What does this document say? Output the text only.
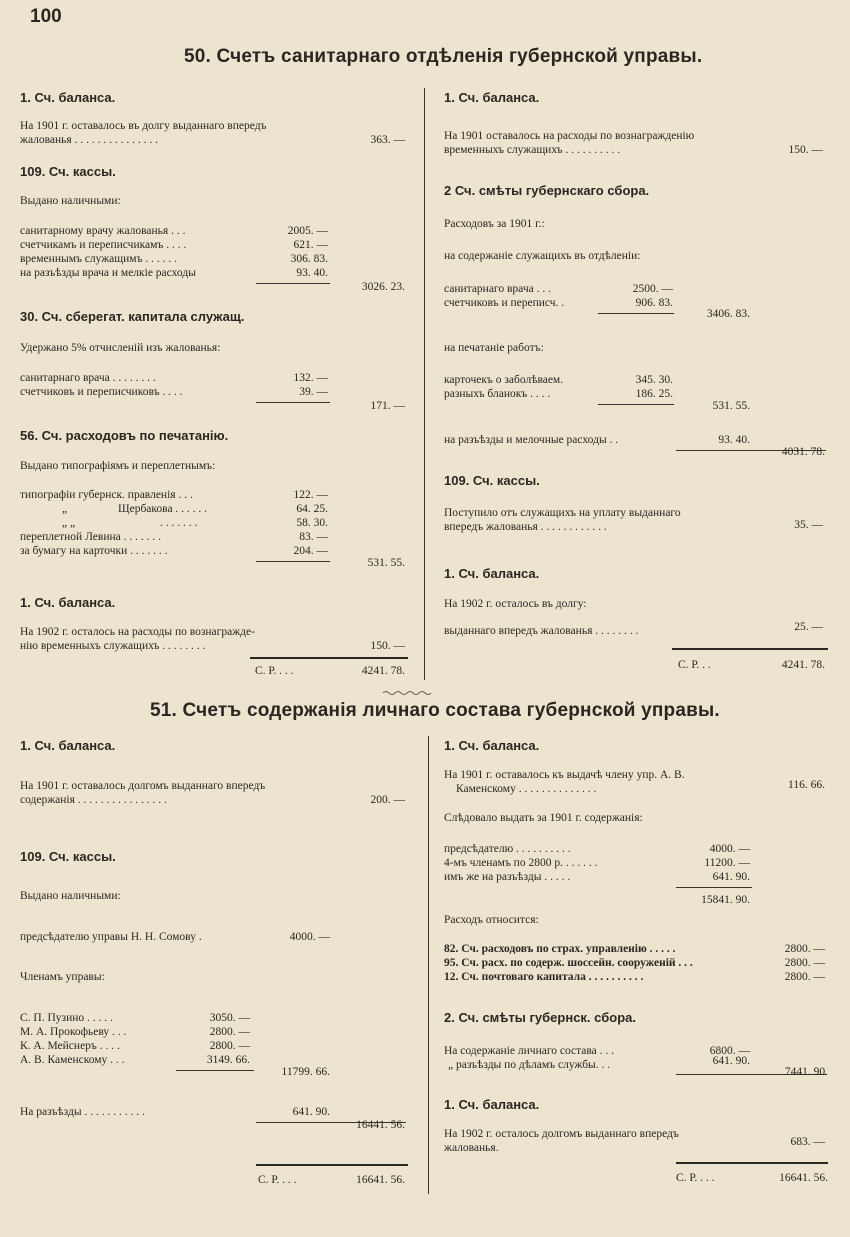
100
50. Счетъ санитарнаго отдѣленія губернской управы.
1. Сч. баланса.
На 1901 г. оставалось въ долгу выданнаго впередъ
жалованья . . . . . . . . . . . . . . .	363. —
109. Сч. кассы.
Выдано наличными:
санитарному врачу жалованья . . .	2005. —
счетчикамъ и переписчикамъ . . . .	621. —
временнымъ служащимъ . . . . . .	306. 83.
на разъѣзды врача и мелкіе расходы	93. 40.
3026. 23.
30. Сч. сберегат. капитала служащ.
Удержано 5% отчисленій изъ жалованья:
санитарнаго врача . . . . . . . .	132. —
счетчиковъ и переписчиковъ . . . .	39. —
171. —
56. Сч. расходовъ по печатанію.
Выдано типографіямъ и переплетнымъ:
типографіи губернск. правленія . . .	122. —
„	Щербакова . . . . . .	64. 25.
„ „	. . . . . . .	58. 30.
переплетной Левина . . . . . . .	83. —
за бумагу на карточки . . . . . . .	204. —
531. 55.
1. Сч. баланса.
На 1902 г. осталось на расходы по вознагражде-
нію временныхъ служащихъ . . . . . . . .	150. —
С. Р. . . .	4241. 78.
1. Сч. баланса.
На 1901 оставалось на расходы по вознагражденію
временныхъ служащихъ . . . . . . . . . .	150. —
2 Сч. смѣты губернскаго сбора.
Расходовъ за 1901 г.:
на содержаніе служащихъ въ отдѣленіи:
санитарнаго врача . . .	2500. —
счетчиковъ и переписч. .	906. 83.
3406. 83.
на печатаніе работъ:
карточекъ о заболѣваем.	345. 30.
разныхъ бланокъ . . . .	186. 25.
531. 55.
на разъѣзды и мелочные расходы . .	93. 40.
4031. 78.
109. Сч. кассы.
Поступило отъ служащихъ на уплату выданнаго
впередъ жалованья . . . . . . . . . . . .	35. —
1. Сч. баланса.
На 1902 г. осталось въ долгу:
выданнаго впередъ жалованья . . . . . . . .	25. —
С. Р. . .	4241. 78.
51. Счетъ содержанія личнаго состава губернской управы.
1. Сч. баланса.
На 1901 г. оставалось долгомъ выданнаго впередъ
содержанія . . . . . . . . . . . . . . . .	200. —
109. Сч. кассы.
Выдано наличными:
предсѣдателю управы Н. Н. Сомову .	4000. —
Членамъ управы:
С. П. Пузино . . . . .	3050. —
М. А. Прокофьеву . . .	2800. —
К. А. Мейснеръ . . . .	2800. —
А. В. Каменскому . . .	3149. 66.
11799. 66.
На разъѣзды . . . . . . . . . . .	641. 90.
16441. 56.
С. Р. . . .	16641. 56.
1. Сч. баланса.
На 1901 г. оставалось къ выдачѣ члену упр. А. В.
Каменскому . . . . . . . . . . . . . .	116. 66.
Слѣдовало выдать за 1901 г. содержанія:
предсѣдателю . . . . . . . . . .	4000. —
4-мъ членамъ по 2800 р. . . . . . .	11200. —
имъ же на разъѣзды . . . . .	641. 90.
15841. 90.
Расходъ относится:
82. Сч. расходовъ по страх. управленію . . . . .	2800. —
95. Сч. расх. по содерж. шоссейн. сооруженій . . .	2800. —
12. Сч. почтоваго капитала . . . . . . . . . .	2800. —
2. Сч. смѣты губернск. сбора.
На содержаніе личнаго состава . . .	6800. —
„ разъѣзды по дѣламъ службы. . .	641. 90.
7441. 90.
1. Сч. баланса.
На 1902 г. осталось долгомъ выданнаго впередъ
жалованья.	683. —
С. Р. . . .	16641. 56.
